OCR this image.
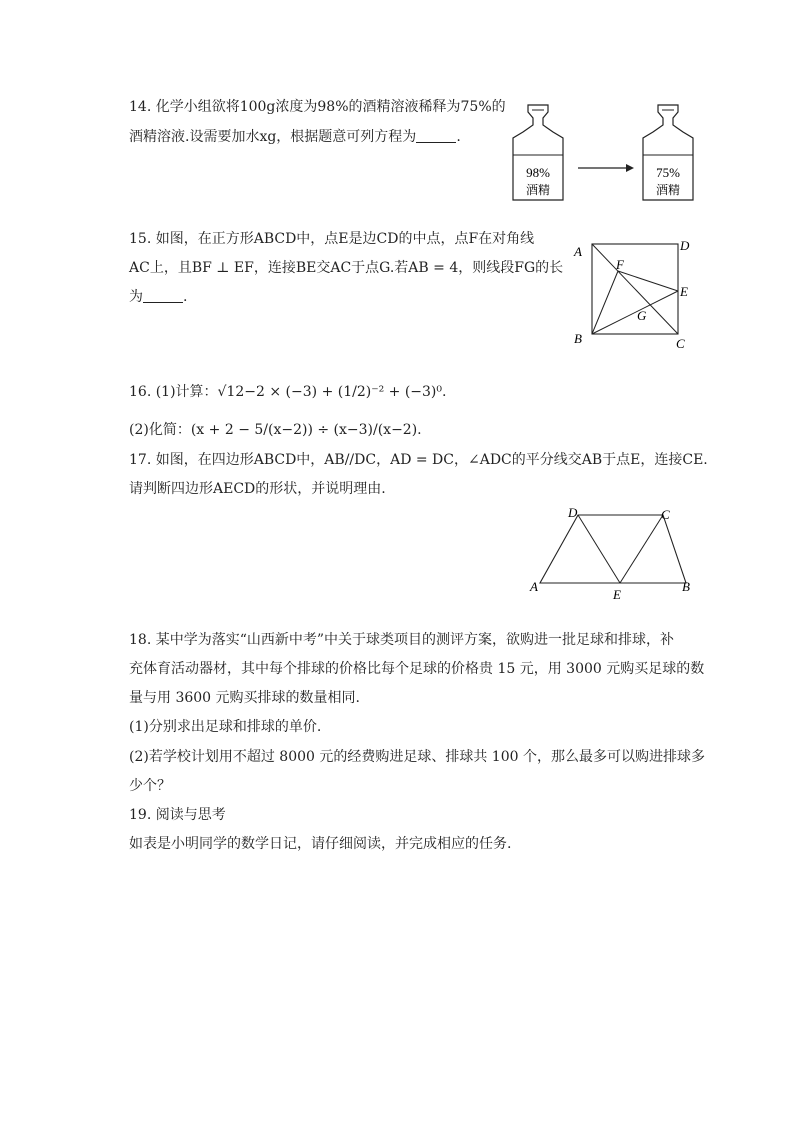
14. 化学小组欲将100g浓度为98%的酒精溶液稀释为75%的
酒精溶液.设需要加水xg，根据题意可列方程为	.
98%
酒精
75%
酒精
15. 如图，在正方形ABCD中，点E是边CD的中点，点F在对角线
AC上，且BF ⊥ EF，连接BE交AC于点G.若AB = 4，则线段FG的长
为	.
A	D
B	C
E
F
G
16. (1)计算：√12−2 × (−3) + (1/2)⁻² + (−3)⁰.
(2)化简：(x + 2 − 5/(x−2)) ÷ (x−3)/(x−2).
17. 如图，在四边形ABCD中，AB//DC，AD = DC，∠ADC的平分线交AB于点E，连接CE.
请判断四边形AECD的形状，并说明理由.
D	C
A
E
B
18. 某中学为落实“山西新中考”中关于球类项目的测评方案，欲购进一批足球和排球，补
充体育活动器材，其中每个排球的价格比每个足球的价格贵 15 元，用 3000 元购买足球的数
量与用 3600 元购买排球的数量相同.
(1)分别求出足球和排球的单价.
(2)若学校计划用不超过 8000 元的经费购进足球、排球共 100 个，那么最多可以购进排球多
少个？
19. 阅读与思考
如表是小明同学的数学日记，请仔细阅读，并完成相应的任务.
